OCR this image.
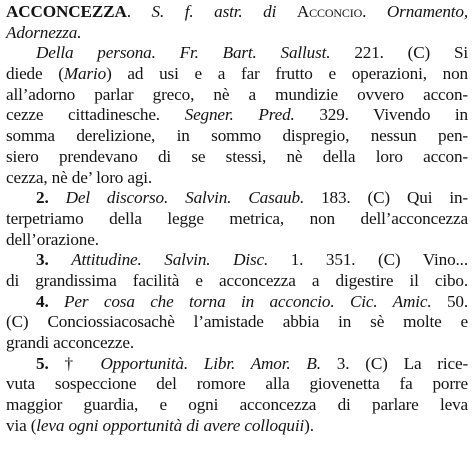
ACCONCEZZA. S. f. astr. di Acconcio. Ornamento,
Adornezza.
Della persona. Fr. Bart. Sallust. 221. (C) Si
diede (Mario) ad usi e a far frutto e operazioni, non
all’adorno parlar greco, nè a mundizie ovvero accon-
cezze cittadinesche. Segner. Pred. 329. Vivendo in
somma derelizione, in sommo dispregio, nessun pen-
siero prendevano di se stessi, nè della loro accon-
cezza, nè de’ loro agi.
2. Del discorso. Salvin. Casaub. 183. (C) Qui in-
terpetriamo della legge metrica, non dell’acconcezza
dell’orazione.
3. Attitudine. Salvin. Disc. 1. 351. (C) Vino...
di grandissima facilità e acconcezza a digestire il cibo.
4. Per cosa che torna in acconcio. Cic. Amic. 50.
(C) Conciossiacosachè l’amistade abbia in sè molte e
grandi acconcezze.
5. † Opportunità. Libr. Amor. B. 3. (C) La rice-
vuta sospeccione del romore alla giovenetta fa porre
maggior guardia, e ogni acconcezza di parlare leva
via (leva ogni opportunità di avere colloquii).
